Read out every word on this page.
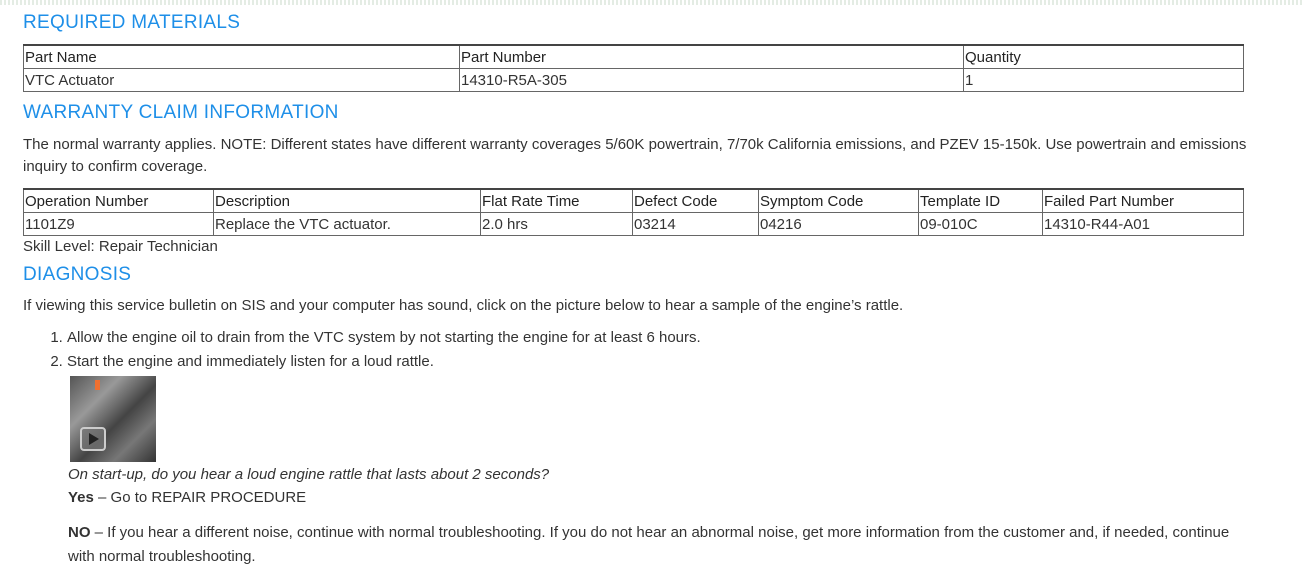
REQUIRED MATERIALS
Part Name	Part Number	Quantity
VTC Actuator	14310-R5A-305	1
WARRANTY CLAIM INFORMATION

The normal warranty applies. NOTE: Different states have different warranty coverages 5/60K powertrain, 7/70k California emissions, and PZEV 15-150k. Use powertrain and emissions inquiry to confirm coverage.

Operation Number	Description	Flat Rate Time	Defect Code	Symptom Code	Template ID	Failed Part Number
1101Z9	Replace the VTC actuator.	2.0 hrs	03214	04216	09-010C	14310-R44-A01

Skill Level: Repair Technician

DIAGNOSIS

If viewing this service bulletin on SIS and your computer has sound, click on the picture below to hear a sample of the engine’s rattle.

1. Allow the engine oil to drain from the VTC system by not starting the engine for at least 6 hours.
2. Start the engine and immediately listen for a loud rattle.

On start-up, do you hear a loud engine rattle that lasts about 2 seconds?

Yes – Go to REPAIR PROCEDURE

NO – If you hear a different noise, continue with normal troubleshooting. If you do not hear an abnormal noise, get more information from the customer and, if needed, continue with normal troubleshooting.
